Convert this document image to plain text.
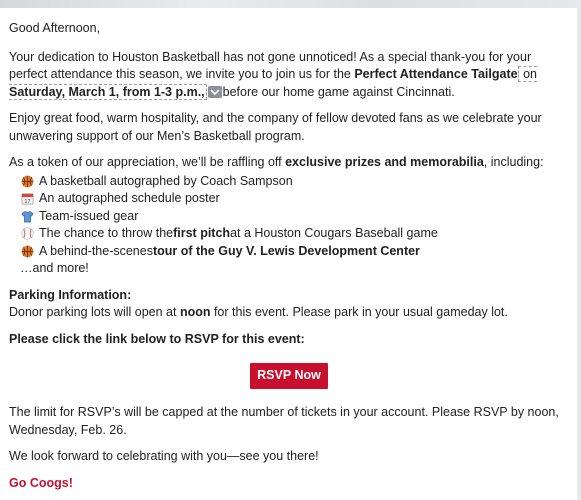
Good Afternoon,
Your dedication to Houston Basketball has not gone unnoticed! As a special thank-you for your perfect attendance this season, we invite you to join us for the Perfect Attendance Tailgate on Saturday, March 1, from 1-3 p.m., before our home game against Cincinnati.
Enjoy great food, warm hospitality, and the company of fellow devoted fans as we celebrate your unwavering support of our Men’s Basketball program.
As a token of our appreciation, we’ll be raffling off exclusive prizes and memorabilia, including:
A basketball autographed by Coach Sampson
17 An autographed schedule poster
Team-issued gear
The chance to throw the first pitch at a Houston Cougars Baseball game
A behind-the-scenes tour of the Guy V. Lewis Development Center
…and more!
Parking Information:
Donor parking lots will open at noon for this event. Please park in your usual gameday lot.
Please click the link below to RSVP for this event:
RSVP Now
The limit for RSVP’s will be capped at the number of tickets in your account. Please RSVP by noon, Wednesday, Feb. 26.
We look forward to celebrating with you—see you there!
Go Coogs!
